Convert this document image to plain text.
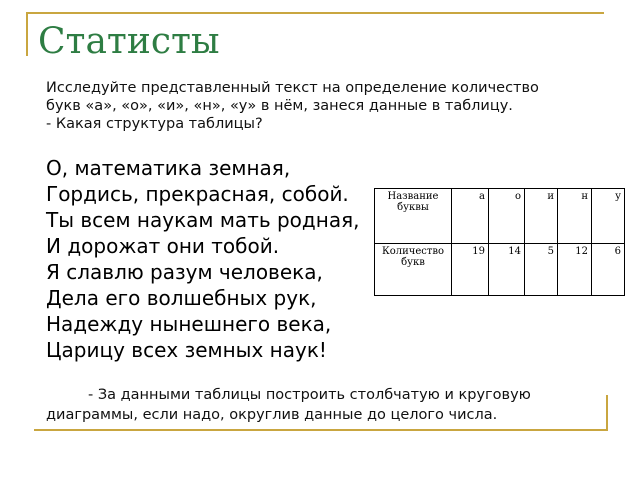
Статисты
Исследуйте представленный текст на определение количество
букв «а», «о», «и», «н», «у» в нём, занеся данные в таблицу.
- Какая структура таблицы?
О, математика земная,
Гордись, прекрасная, собой.
Ты всем наукам мать родная,
И дорожат они тобой.
Я славлю разум человека,
Дела его волшебных рук,
Надежду нынешнего века,
Царицу всех земных наук!
Название буквы	а	о	и	н	у
Количество букв	19	14	5	12	6
- За данными таблицы построить столбчатую и круговую
диаграммы, если надо, округлив данные до целого числа.
